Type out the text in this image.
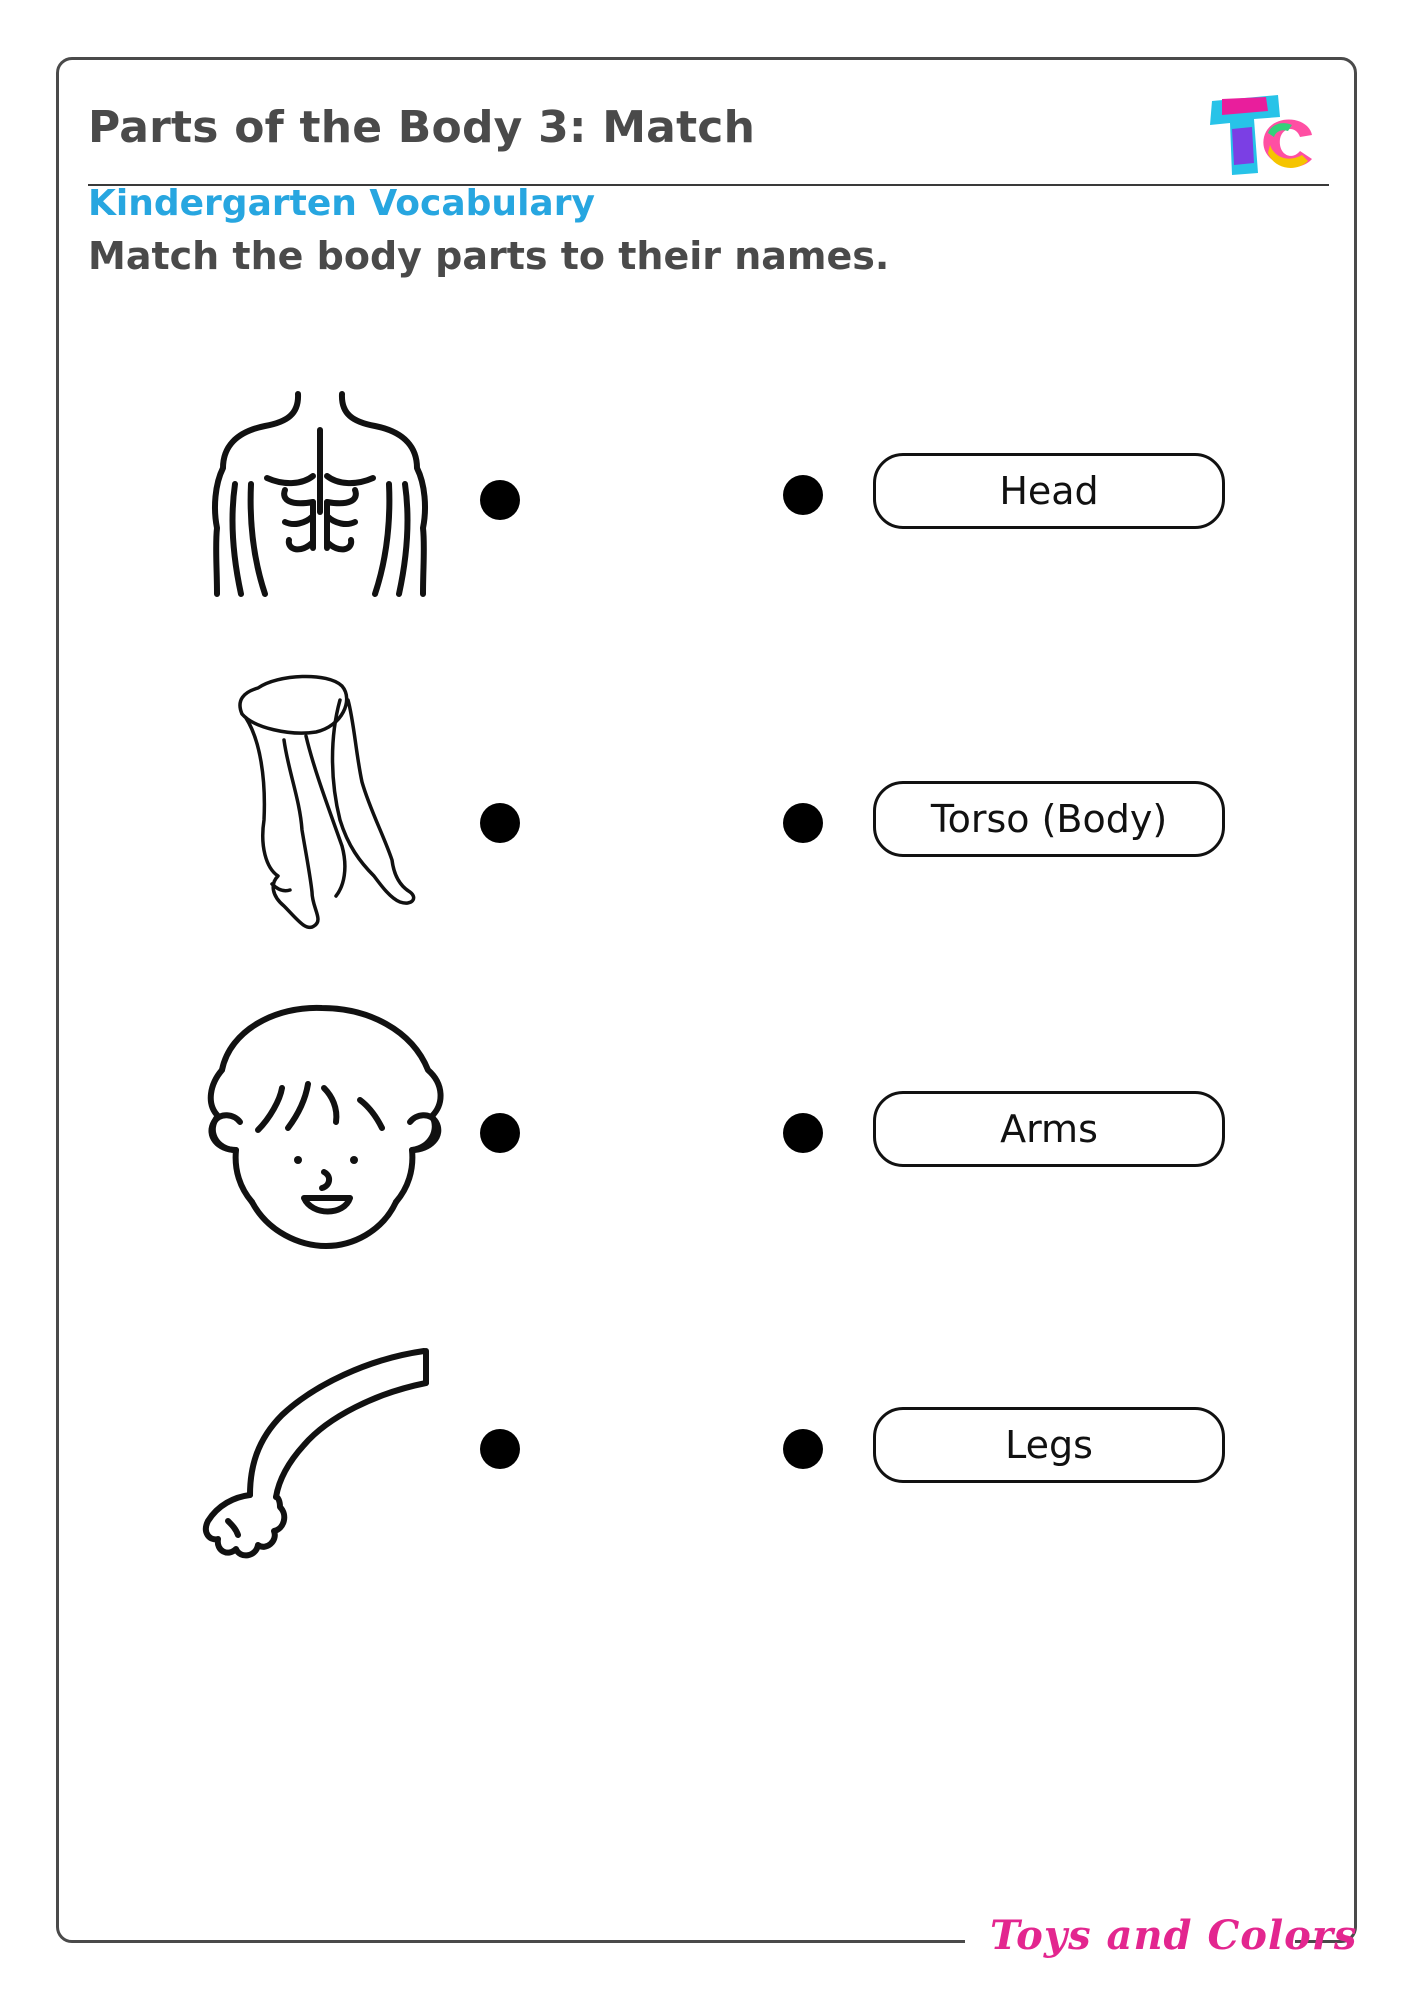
Parts of the Body 3: Match
Kindergarten Vocabulary
Match the body parts to their names.
Head
Torso (Body)
Arms
Legs
Toys and Colors
